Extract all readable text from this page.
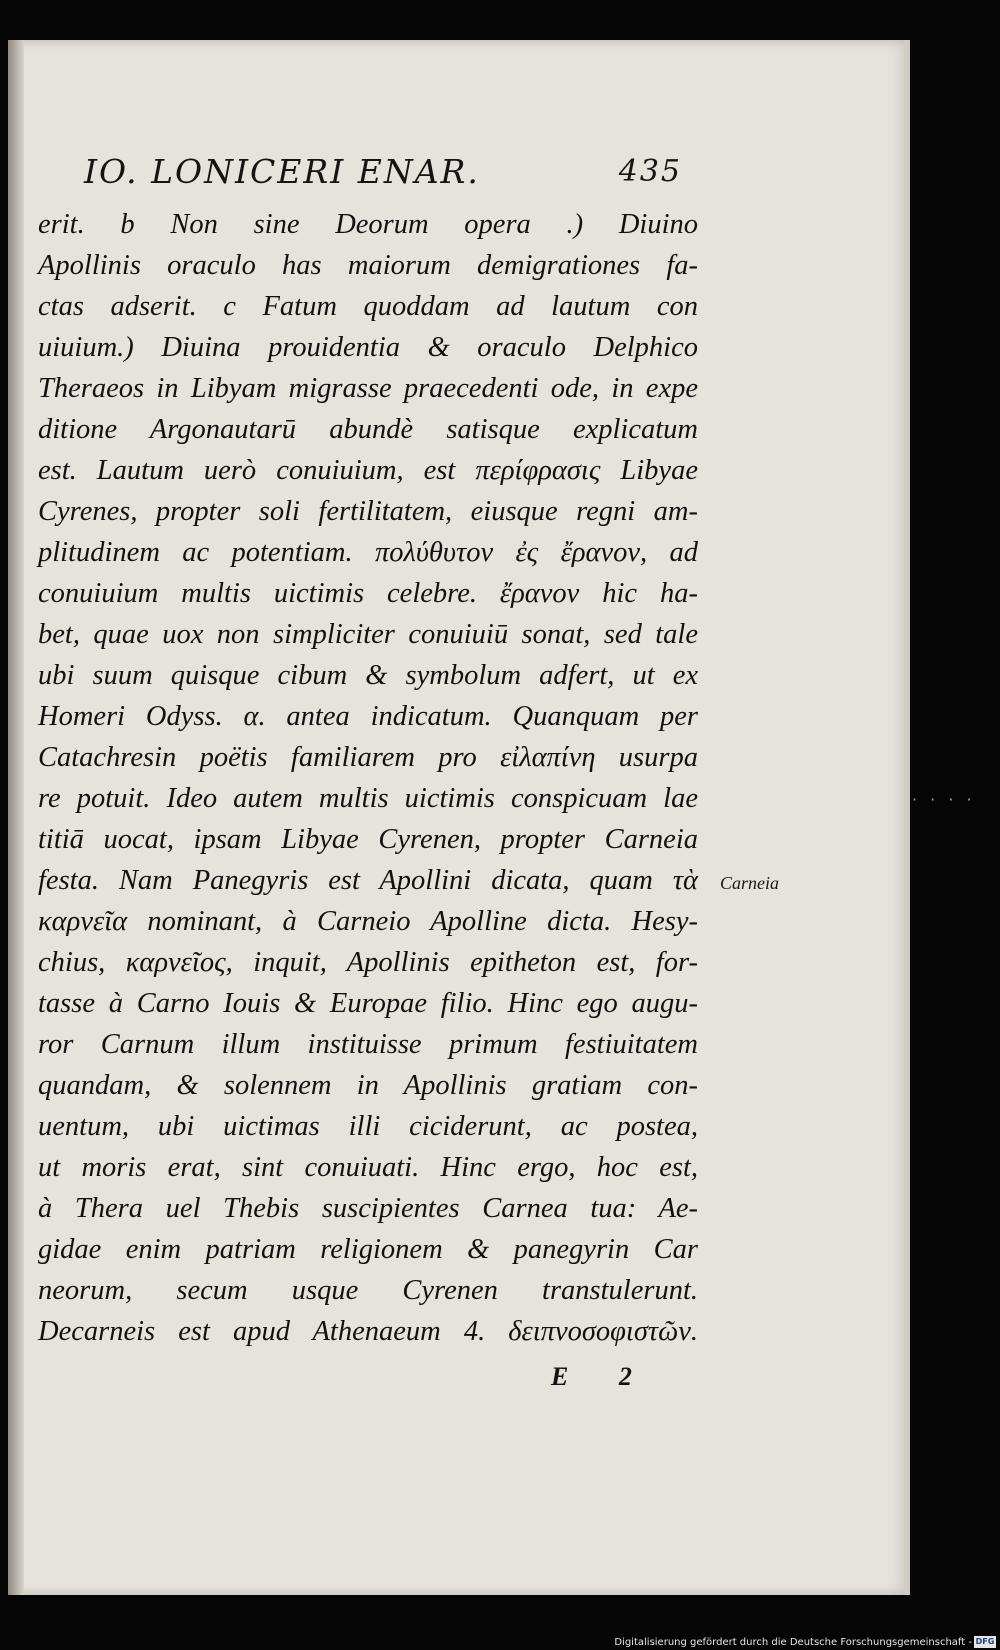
IO. LONICERI ENAR.	435
erit. b Non sine Deorum opera .) Diuino
Apollinis oraculo has maiorum demigrationes fa-
ctas adserit. c Fatum quoddam ad lautum con
uiuium.) Diuina prouidentia & oraculo Delphico
Theraeos in Libyam migrasse praecedenti ode, in expe
ditione Argonautarū abundè satisque explicatum
est. Lautum uerò conuiuium, est περίφρασις Libyae
Cyrenes, propter soli fertilitatem, eiusque regni am-
plitudinem ac potentiam. πολύθυτον ἐς ἔρανον, ad
conuiuium multis uictimis celebre. ἔρανον hic ha-
bet, quae uox non simpliciter conuiuiū sonat, sed tale
ubi suum quisque cibum & symbolum adfert, ut ex
Homeri Odyss. α. antea indicatum. Quanquam per
Catachresin poëtis familiarem pro εἰλαπίνη usurpa
re potuit. Ideo autem multis uictimis conspicuam lae
titiā uocat, ipsam Libyae Cyrenen, propter Carneia
festa. Nam Panegyris est Apollini dicata, quam τὰ
καρνεῖα nominant, à Carneio Apolline dicta. Hesy-
chius, καρνεῖος, inquit, Apollinis epitheton est, for-
tasse à Carno Iouis & Europae filio. Hinc ego augu-
ror Carnum illum instituisse primum festiuitatem
quandam, & solennem in Apollinis gratiam con-
uentum, ubi uictimas illi ciciderunt, ac postea,
ut moris erat, sint conuiuati. Hinc ergo, hoc est,
à Thera uel Thebis suscipientes Carnea tua: Ae-
gidae enim patriam religionem & panegyrin Car
neorum, secum usque Cyrenen transtulerunt.
Decarneis est apud Athenaeum 4. δειπνοσοφιστῶν.
Carneia
E 2
· · · ·
Digitalisierung gefördert durch die Deutsche Forschungsgemeinschaft - DFG
